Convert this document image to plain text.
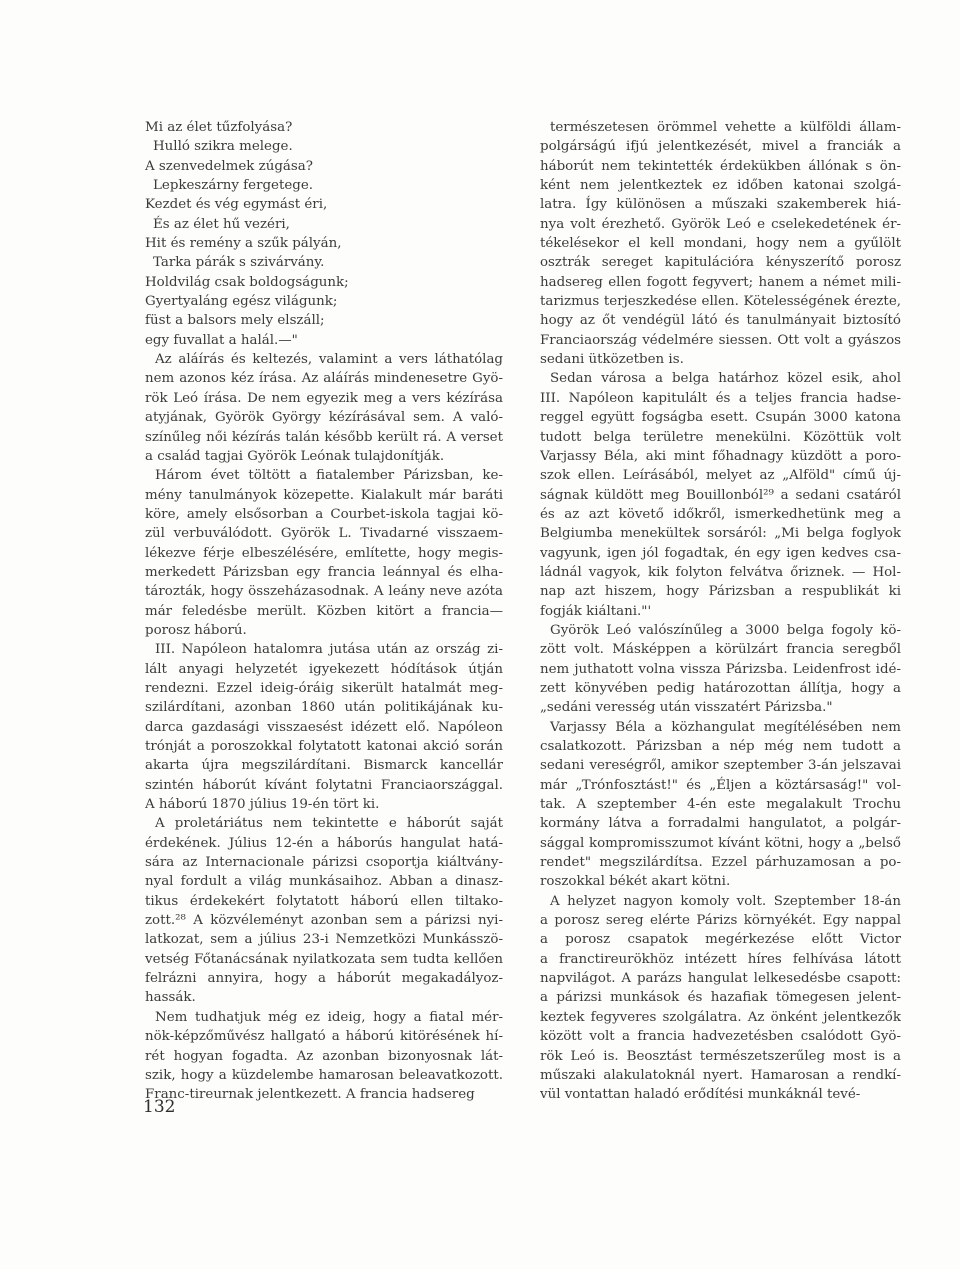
Mi az élet tűzfolyása?
Hulló szikra melege.
A szenvedelmek zúgása?
Lepkeszárny fergetege.
Kezdet és vég egymást éri,
És az élet hű vezéri,
Hit és remény a szűk pályán,
Tarka párák s szivárvány.
Holdvilág csak boldogságunk;
Gyertyaláng egész világunk;
füst a balsors mely elszáll;
egy fuvallat a halál.—"
Az aláírás és keltezés, valamint a vers láthatólag
nem azonos kéz írása. Az aláírás mindenesetre Gyö-
rök Leó írása. De nem egyezik meg a vers kézírása
atyjának, Györök György kézírásával sem. A való-
színűleg női kézírás talán később került rá. A verset
a család tagjai Györök Leónak tulajdonítják.
Három évet töltött a fiatalember Párizsban, ke-
mény tanulmányok közepette. Kialakult már baráti
köre, amely elsősorban a Courbet-iskola tagjai kö-
zül verbuválódott. Györök L. Tivadarné visszaem-
lékezve férje elbeszélésére, említette, hogy megis-
merkedett Párizsban egy francia leánnyal és elha-
tározták, hogy összeházasodnak. A leány neve azóta
már feledésbe merült. Közben kitört a francia—
porosz háború.
III. Napóleon hatalomra jutása után az ország zi-
lált anyagi helyzetét igyekezett hódítások útján
rendezni. Ezzel ideig-óráig sikerült hatalmát meg-
szilárdítani, azonban 1860 után politikájának ku-
darca gazdasági visszaesést idézett elő. Napóleon
trónját a poroszokkal folytatott katonai akció során
akarta újra megszilárdítani. Bismarck kancellár
szintén háborút kívánt folytatni Franciaországgal.
A háború 1870 július 19-én tört ki.
A proletáriátus nem tekintette e háborút saját
érdekének. Július 12-én a háborús hangulat hatá-
sára az Internacionale párizsi csoportja kiáltvány-
nyal fordult a világ munkásaihoz. Abban a dinasz-
tikus érdekekért folytatott háború ellen tiltako-
zott.²⁸ A közvéleményt azonban sem a párizsi nyi-
latkozat, sem a július 23-i Nemzetközi Munkásszö-
vetség Főtanácsának nyilatkozata sem tudta kellően
felrázni annyira, hogy a háborút megakadályoz-
hassák.
Nem tudhatjuk még ez ideig, hogy a fiatal mér-
nök-képzőművész hallgató a háború kitörésének hí-
rét hogyan fogadta. Az azonban bizonyosnak lát-
szik, hogy a küzdelembe hamarosan beleavatkozott.
Franc-tireurnak jelentkezett. A francia hadsereg
természetesen örömmel vehette a külföldi állam-
polgárságú ifjú jelentkezését, mivel a franciák a
háborút nem tekintették érdekükben állónak s ön-
ként nem jelentkeztek ez időben katonai szolgá-
latra. Így különösen a műszaki szakemberek hiá-
nya volt érezhető. Györök Leó e cselekedetének ér-
tékelésekor el kell mondani, hogy nem a gyűlölt
osztrák sereget kapitulációra kényszerítő porosz
hadsereg ellen fogott fegyvert; hanem a német mili-
tarizmus terjeszkedése ellen. Kötelességének érezte,
hogy az őt vendégül látó és tanulmányait biztosító
Franciaország védelmére siessen. Ott volt a gyászos
sedani ütközetben is.
Sedan városa a belga határhoz közel esik, ahol
III. Napóleon kapitulált és a teljes francia hadse-
reggel együtt fogságba esett. Csupán 3000 katona
tudott belga területre menekülni. Közöttük volt
Varjassy Béla, aki mint főhadnagy küzdött a poro-
szok ellen. Leírásából, melyet az „Alföld" című új-
ságnak küldött meg Bouillonból²⁹ a sedani csatáról
és az azt követő időkről, ismerkedhetünk meg a
Belgiumba menekültek sorsáról: „Mi belga foglyok
vagyunk, igen jól fogadtak, én egy igen kedves csa-
ládnál vagyok, kik folyton felvátva őriznek. — Hol-
nap azt hiszem, hogy Párizsban a respublikát ki
fogják kiáltani."'
Györök Leó valószínűleg a 3000 belga fogoly kö-
zött volt. Másképpen a körülzárt francia seregből
nem juthatott volna vissza Párizsba. Leidenfrost idé-
zett könyvében pedig határozottan állítja, hogy a
„sedáni veresség után visszatért Párizsba."
Varjassy Béla a közhangulat megítélésében nem
csalatkozott. Párizsban a nép még nem tudott a
sedani vereségről, amikor szeptember 3-án jelszavai
már „Trónfosztást!" és „Éljen a köztársaság!" vol-
tak. A szeptember 4-én este megalakult Trochu
kormány látva a forradalmi hangulatot, a polgár-
sággal kompromisszumot kívánt kötni, hogy a „belső
rendet" megszilárdítsa. Ezzel párhuzamosan a po-
roszokkal békét akart kötni.
A helyzet nagyon komoly volt. Szeptember 18-án
a porosz sereg elérte Párizs környékét. Egy nappal
a porosz csapatok megérkezése előtt Victor
a franctireurökhöz intézett híres felhívása látott
napvilágot. A parázs hangulat lelkesedésbe csapott:
a párizsi munkások és hazafiak tömegesen jelent-
keztek fegyveres szolgálatra. Az önként jelentkezők
között volt a francia hadvezetésben csalódott Gyö-
rök Leó is. Beosztást természetszerűleg most is a
műszaki alakulatoknál nyert. Hamarosan a rendkí-
vül vontattan haladó erődítési munkáknál tevé-
132
